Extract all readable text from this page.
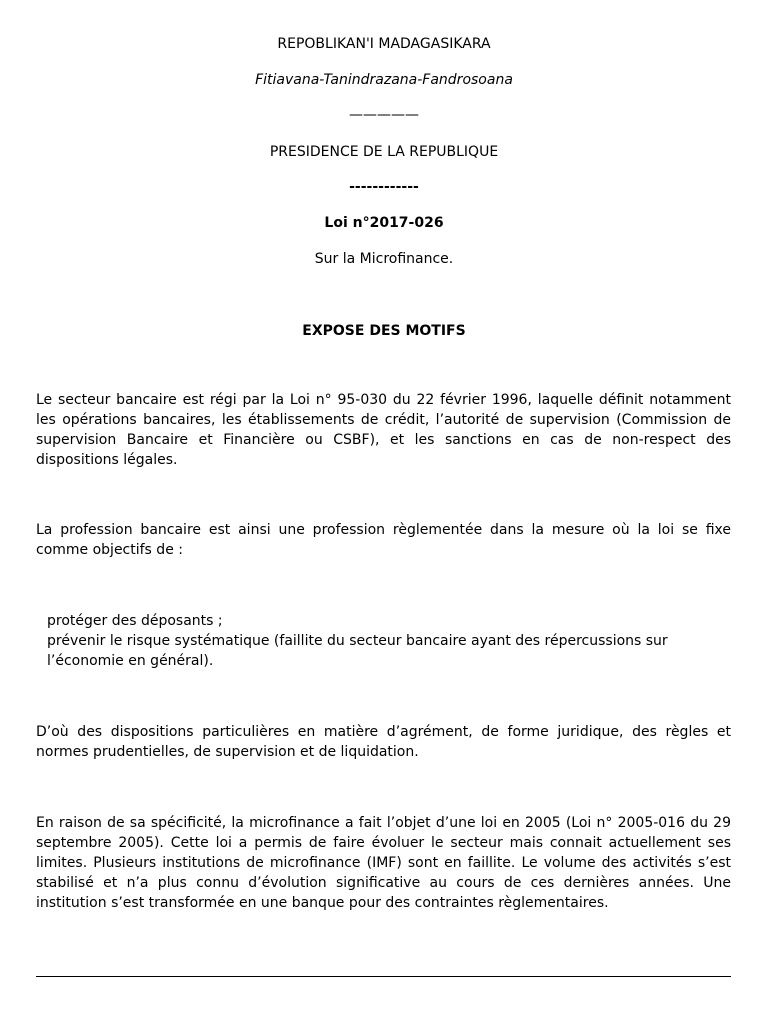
REPOBLIKAN'I MADAGASIKARA
Fitiavana-Tanindrazana-Fandrosoana
—————
PRESIDENCE DE LA REPUBLIQUE
------------
Loi n°2017-026
Sur la Microfinance.
EXPOSE DES MOTIFS

Le secteur bancaire est régi par la Loi n° 95-030 du 22 février 1996, laquelle définit notamment les opérations bancaires, les établissements de crédit, l’autorité de supervision (Commission de supervision Bancaire et Financière ou CSBF), et les sanctions en cas de non-respect des dispositions légales.

La profession bancaire est ainsi une profession règlementée dans la mesure où la loi se fixe comme objectifs de :

protéger des déposants ;
prévenir le risque systématique (faillite du secteur bancaire ayant des répercussions sur
l’économie en général).

D’où des dispositions particulières en matière d’agrément, de forme juridique, des règles et normes prudentielles, de supervision et de liquidation.

En raison de sa spécificité, la microfinance a fait l’objet d’une loi en 2005 (Loi n° 2005-016 du 29 septembre 2005). Cette loi a permis de faire évoluer le secteur mais connait actuellement ses limites. Plusieurs institutions de microfinance (IMF) sont en faillite. Le volume des activités s’est stabilisé et n’a plus connu d’évolution significative au cours de ces dernières années. Une institution s’est transformée en une banque pour des contraintes règlementaires.
